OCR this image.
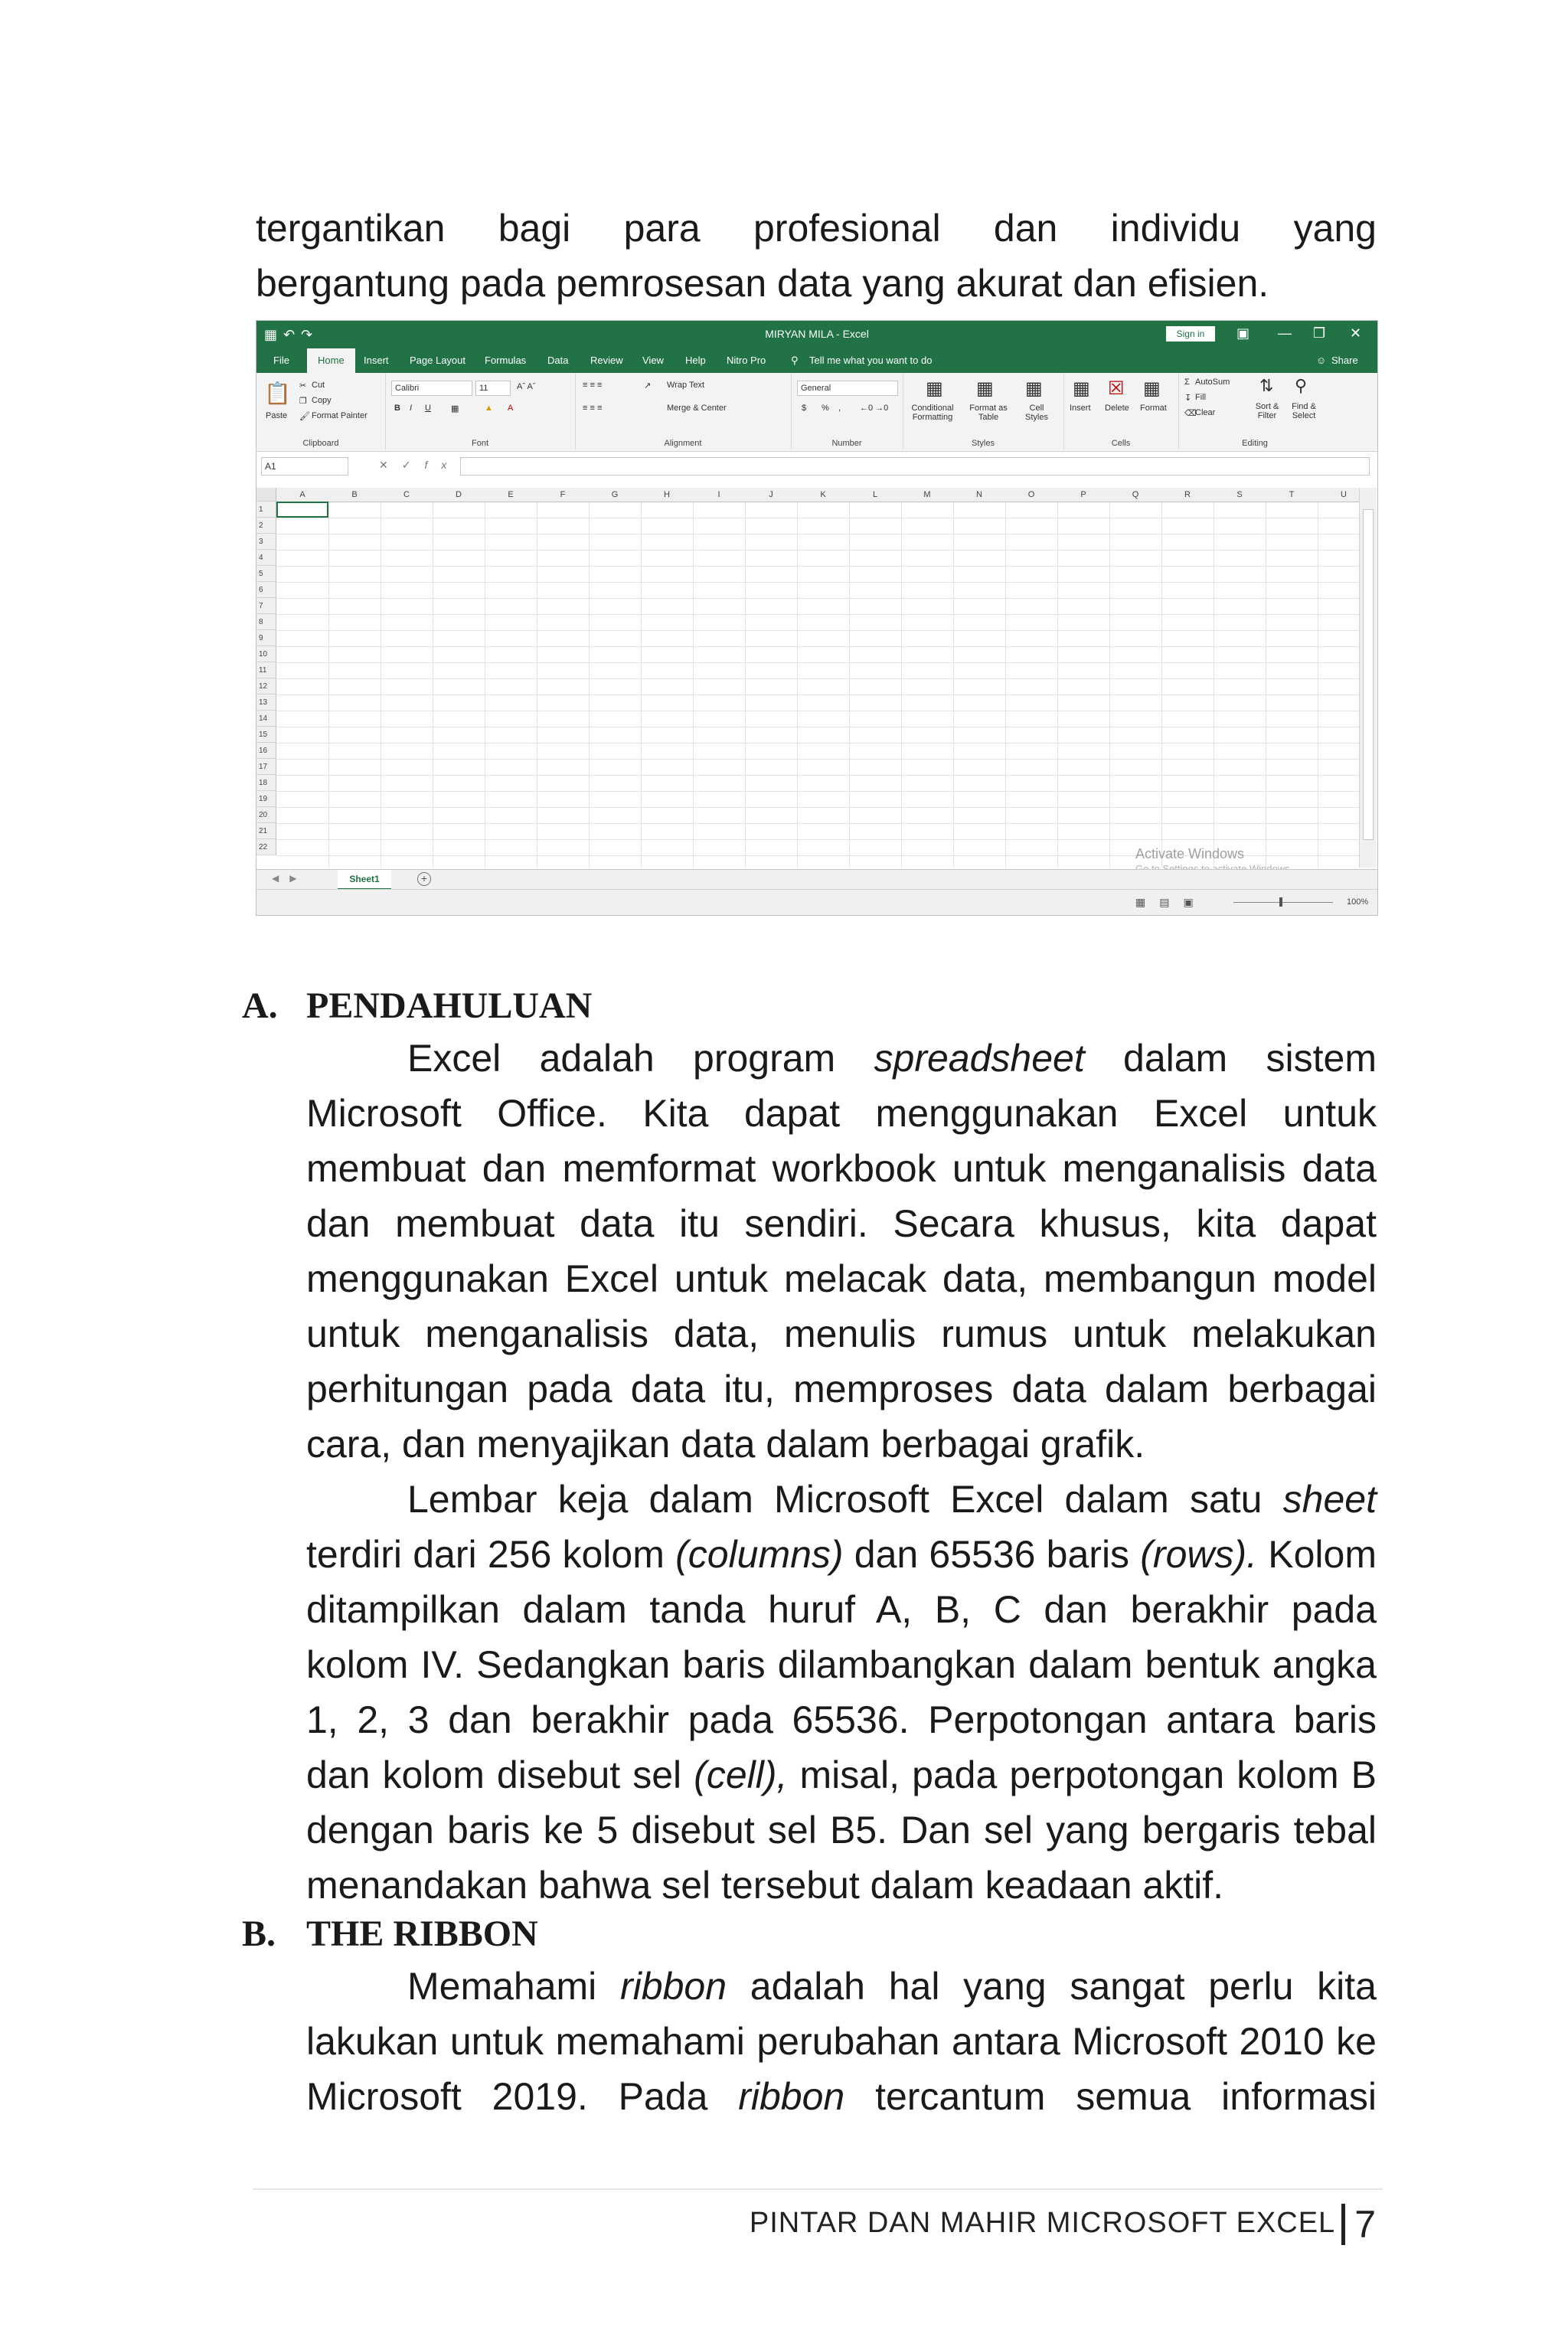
tergantikan bagi para profesional dan individu yang

bergantung pada pemrosesan data yang akurat dan efisien.

▦↶↷	MIRYAN MILA - Excel	Sign in	▣ — ❐ ✕
File	Home	Insert Page Layout Formulas Data Review View Help Nitro Pro	⚲ Tell me what you want to do	☺ Share
📋
Paste
✂ Cut
❐ Copy
🖌 Format Painter
Clipboard
Calibri	11	Aˆ Aˇ
B I U ▦	▲ A
Font
≡ ≡ ≡
≡ ≡ ≡
↗ Wrap Text
Merge & Center
Alignment
General
$ % , ←0 →0
Number
▦
Conditional Formatting
▦
Format as Table
▦
Cell Styles
Styles
▦
Insert
☒
Delete
▦
Format
Cells
Σ AutoSum
↧ Fill
⌫
Clear
⇅
Sort & Filter
⚲
Find & Select
Editing
A1	✕✓fx
A	B	C	D	E	F	G	H	I	J	K	L	M	N	O	P	Q	R	S	T	U
1
2
3
4
5
6
7
8
9
10
11
12
13
14
15
16
17
18
19
20
21
22	Activate Windows
◀▶	Sheet1	+
▦▤▣	100%
A. PENDAHULUAN

Excel adalah program spreadsheet dalam sistem Microsoft Office. Kita dapat menggunakan Excel untuk membuat dan memformat workbook untuk menganalisis data dan membuat data itu sendiri. Secara khusus, kita dapat menggunakan Excel untuk melacak data, membangun model untuk menganalisis data, menulis rumus untuk melakukan perhitungan pada data itu, memproses data dalam berbagai cara, dan menyajikan data dalam berbagai grafik.

Lembar keja dalam Microsoft Excel dalam satu sheet terdiri dari 256 kolom (columns) dan 65536 baris (rows). Kolom ditampilkan dalam tanda huruf A, B, C dan berakhir pada kolom IV. Sedangkan baris dilambangkan dalam bentuk angka 1, 2, 3 dan berakhir pada 65536. Perpotongan antara baris dan kolom disebut sel (cell), misal, pada perpotongan kolom B dengan baris ke 5 disebut sel B5. Dan sel yang bergaris tebal menandakan bahwa sel tersebut dalam keadaan aktif.

B. THE RIBBON

Memahami ribbon adalah hal yang sangat perlu kita lakukan untuk memahami perubahan antara Microsoft 2010 ke Microsoft 2019. Pada ribbon tercantum semua informasi

PINTAR DAN MAHIR MICROSOFT EXCEL 7
